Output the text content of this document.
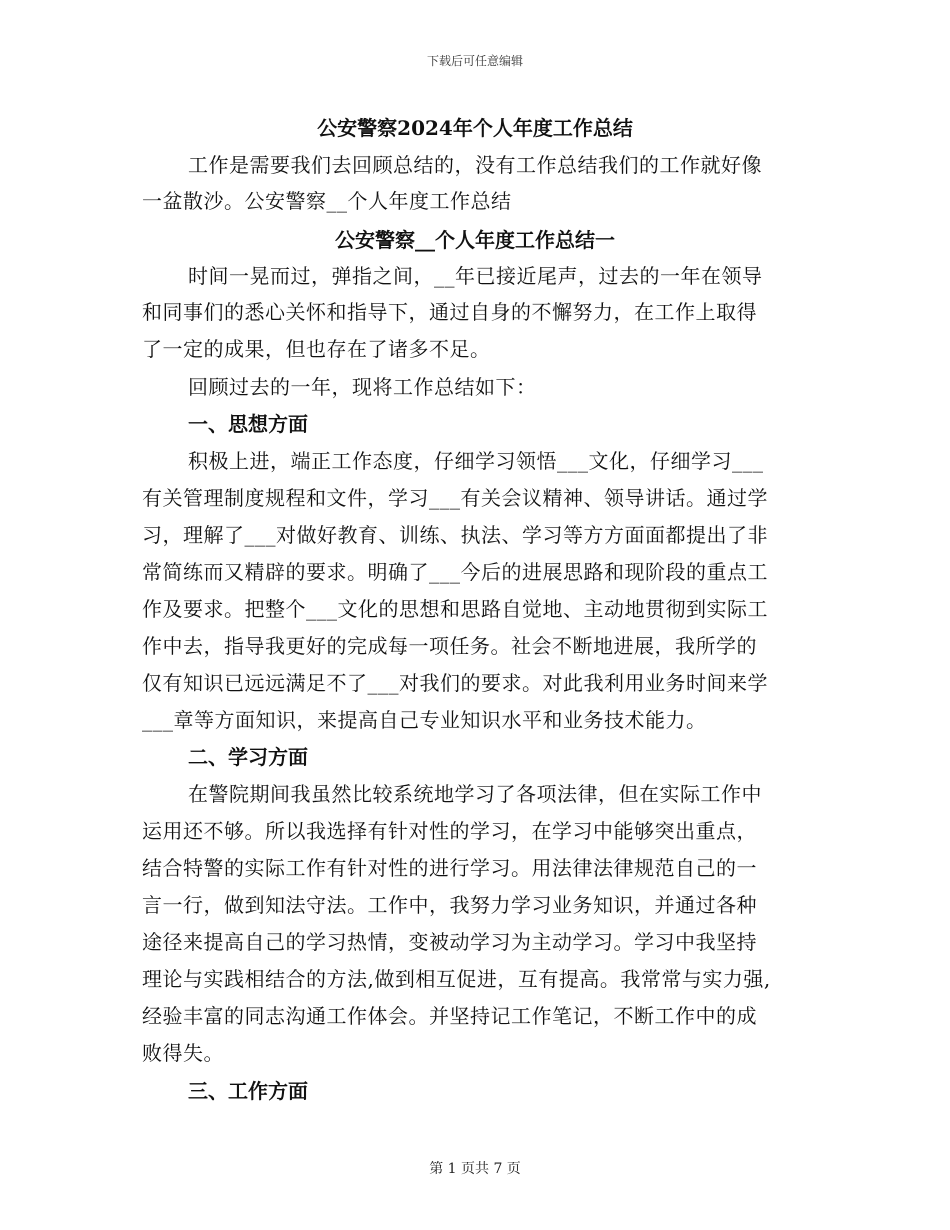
下载后可任意编辑
公安警察2024年个人年度工作总结
工作是需要我们去回顾总结的，没有工作总结我们的工作就好像
一盆散沙。公安警察__个人年度工作总结
公安警察__个人年度工作总结一
时间一晃而过，弹指之间，__年已接近尾声，过去的一年在领导
和同事们的悉心关怀和指导下，通过自身的不懈努力，在工作上取得
了一定的成果，但也存在了诸多不足。
回顾过去的一年，现将工作总结如下：
一、思想方面
积极上进，端正工作态度，仔细学习领悟___文化，仔细学习___
有关管理制度规程和文件，学习___有关会议精神、领导讲话。通过学
习，理解了___对做好教育、训练、执法、学习等方方面面都提出了非
常简练而又精辟的要求。明确了___今后的进展思路和现阶段的重点工
作及要求。把整个___文化的思想和思路自觉地、主动地贯彻到实际工
作中去，指导我更好的完成每一项任务。社会不断地进展，我所学的
仅有知识已远远满足不了___对我们的要求。对此我利用业务时间来学
___章等方面知识，来提高自己专业知识水平和业务技术能力。
二、学习方面
在警院期间我虽然比较系统地学习了各项法律，但在实际工作中
运用还不够。所以我选择有针对性的学习，在学习中能够突出重点，
结合特警的实际工作有针对性的进行学习。用法律法律规范自己的一
言一行，做到知法守法。工作中，我努力学习业务知识，并通过各种
途径来提高自己的学习热情，变被动学习为主动学习。学习中我坚持
理论与实践相结合的方法,做到相互促进，互有提高。我常常与实力强,
经验丰富的同志沟通工作体会。并坚持记工作笔记，不断工作中的成
败得失。
三、工作方面
第 1 页共 7 页
